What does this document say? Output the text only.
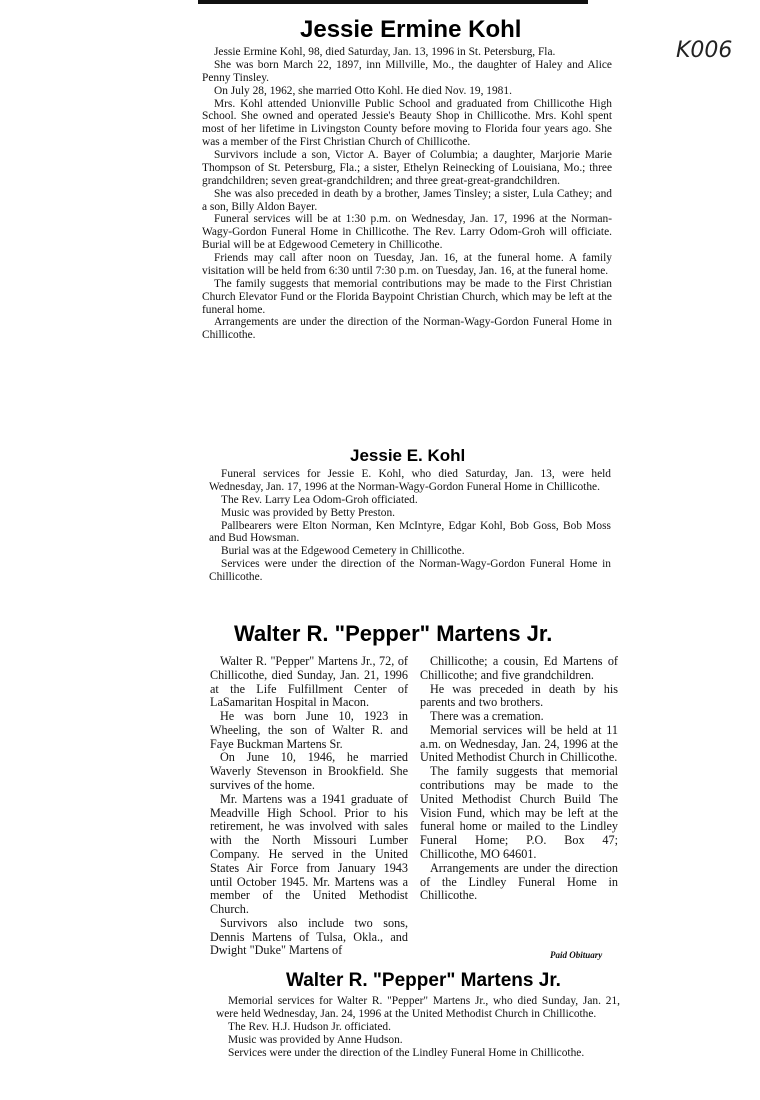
K006
Jessie Ermine Kohl

Jessie Ermine Kohl, 98, died Saturday, Jan. 13, 1996 in St. Petersburg, Fla.

She was born March 22, 1897, inn Millville, Mo., the daughter of Haley and Alice Penny Tinsley.

On July 28, 1962, she married Otto Kohl. He died Nov. 19, 1981.

Mrs. Kohl attended Unionville Public School and graduated from Chillicothe High School. She owned and operated Jessie's Beauty Shop in Chillicothe. Mrs. Kohl spent most of her lifetime in Livingston County before moving to Florida four years ago. She was a member of the First Christian Church of Chillicothe.

Survivors include a son, Victor A. Bayer of Columbia; a daughter, Marjorie Marie Thompson of St. Petersburg, Fla.; a sister, Ethelyn Reinecking of Louisiana, Mo.; three grandchildren; seven great-grandchildren; and three great-great-grandchildren.

She was also preceded in death by a brother, James Tinsley; a sister, Lula Cathey; and a son, Billy Aldon Bayer.

Funeral services will be at 1:30 p.m. on Wednesday, Jan. 17, 1996 at the Norman-Wagy-Gordon Funeral Home in Chillicothe. The Rev. Larry Odom-Groh will officiate. Burial will be at Edgewood Cemetery in Chillicothe.

Friends may call after noon on Tuesday, Jan. 16, at the funeral home. A family visitation will be held from 6:30 until 7:30 p.m. on Tuesday, Jan. 16, at the funeral home.

The family suggests that memorial contributions may be made to the First Christian Church Elevator Fund or the Florida Baypoint Christian Church, which may be left at the funeral home.

Arrangements are under the direction of the Norman-Wagy-Gordon Funeral Home in Chillicothe.

Jessie E. Kohl

Funeral services for Jessie E. Kohl, who died Saturday, Jan. 13, were held Wednesday, Jan. 17, 1996 at the Norman-Wagy-Gordon Funeral Home in Chillicothe.

The Rev. Larry Lea Odom-Groh officiated.

Music was provided by Betty Preston.

Pallbearers were Elton Norman, Ken McIntyre, Edgar Kohl, Bob Goss, Bob Moss and Bud Howsman.

Burial was at the Edgewood Cemetery in Chillicothe.

Services were under the direction of the Norman-Wagy-Gordon Funeral Home in Chillicothe.

Walter R. "Pepper" Martens Jr.

Walter R. "Pepper" Martens Jr., 72, of Chillicothe, died Sunday, Jan. 21, 1996 at the Life Fulfillment Center of LaSamaritan Hospital in Macon.

He was born June 10, 1923 in Wheeling, the son of Walter R. and Faye Buckman Martens Sr.

On June 10, 1946, he married Waverly Stevenson in Brookfield. She survives of the home.

Mr. Martens was a 1941 graduate of Meadville High School. Prior to his retirement, he was involved with sales with the North Missouri Lumber Company. He served in the United States Air Force from January 1943 until October 1945. Mr. Martens was a member of the United Methodist Church.

Survivors also include two sons, Dennis Martens of Tulsa, Okla., and Dwight "Duke" Martens of

Chillicothe; a cousin, Ed Martens of Chillicothe; and five grandchildren.

He was preceded in death by his parents and two brothers.

There was a cremation.

Memorial services will be held at 11 a.m. on Wednesday, Jan. 24, 1996 at the United Methodist Church in Chillicothe.

The family suggests that memorial contributions may be made to the United Methodist Church Build The Vision Fund, which may be left at the funeral home or mailed to the Lindley Funeral Home; P.O. Box 47; Chillicothe, MO 64601.

Arrangements are under the direction of the Lindley Funeral Home in Chillicothe.

Paid Obituary
Walter R. "Pepper" Martens Jr.

Memorial services for Walter R. "Pepper" Martens Jr., who died Sunday, Jan. 21, were held Wednesday, Jan. 24, 1996 at the United Methodist Church in Chillicothe.

The Rev. H.J. Hudson Jr. officiated.

Music was provided by Anne Hudson.

Services were under the direction of the Lindley Funeral Home in Chillicothe.
